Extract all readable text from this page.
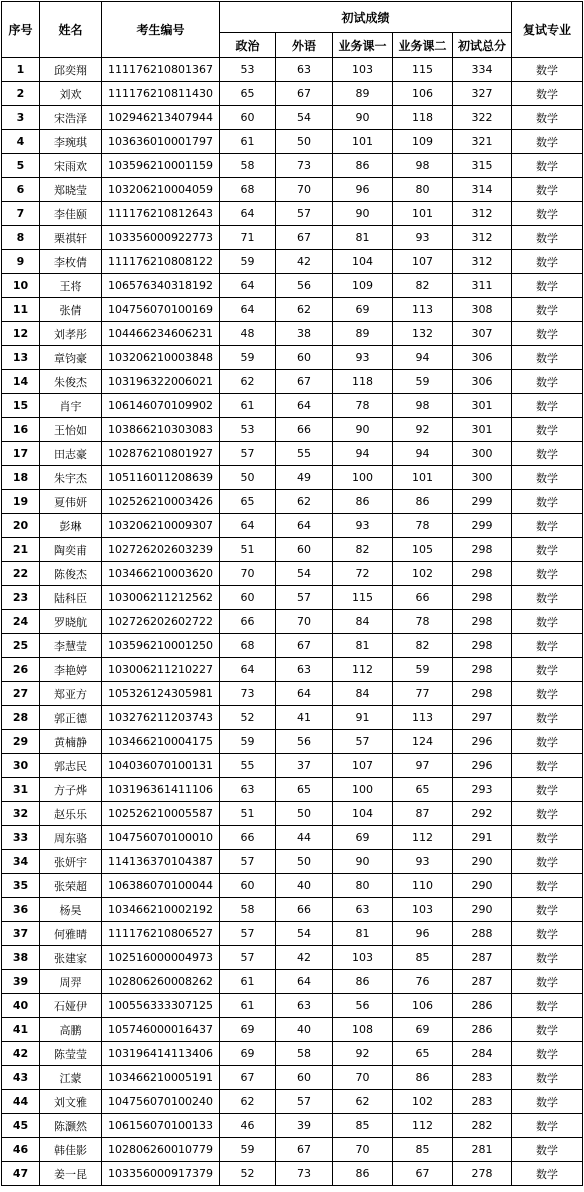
序号	姓名	考生编号	初试成绩					复试专业
			政治	外语	业务课一	业务课二	初试总分	
1	邱奕翔	111176210801367	53	63	103	115	334	数学
2	刘欢	111176210811430	65	67	89	106	327	数学
3	宋浩泽	102946213407944	60	54	90	118	322	数学
4	李琬琪	103636010001797	61	50	101	109	321	数学
5	宋雨欢	103596210001159	58	73	86	98	315	数学
6	郑晓莹	103206210004059	68	70	96	80	314	数学
7	李佳颐	111176210812643	64	57	90	101	312	数学
8	栗祺轩	103356000922773	71	67	81	93	312	数学
9	李枚倩	111176210808122	59	42	104	107	312	数学
10	王将	106576340318192	64	56	109	82	311	数学
11	张倩	104756070100169	64	62	69	113	308	数学
12	刘孝彤	104466234606231	48	38	89	132	307	数学
13	章钧豪	103206210003848	59	60	93	94	306	数学
14	朱俊杰	103196322006021	62	67	118	59	306	数学
15	肖宇	106146070109902	61	64	78	98	301	数学
16	王怡如	103866210303083	53	66	90	92	301	数学
17	田志豪	102876210801927	57	55	94	94	300	数学
18	朱宇杰	105116011208639	50	49	100	101	300	数学
19	夏伟妍	102526210003426	65	62	86	86	299	数学
20	彭琳	103206210009307	64	64	93	78	299	数学
21	陶奕甫	102726202603239	51	60	82	105	298	数学
22	陈俊杰	103466210003620	70	54	72	102	298	数学
23	陆科臣	103006211212562	60	57	115	66	298	数学
24	罗晓航	102726202602722	66	70	84	78	298	数学
25	李慧莹	103596210001250	68	67	81	82	298	数学
26	李艳婷	103006211210227	64	63	112	59	298	数学
27	郑亚方	105326124305981	73	64	84	77	298	数学
28	郭正德	103276211203743	52	41	91	113	297	数学
29	黄楠静	103466210004175	59	56	57	124	296	数学
30	郭志民	104036070100131	55	37	107	97	296	数学
31	方子烨	103196361411106	63	65	100	65	293	数学
32	赵乐乐	102526210005587	51	50	104	87	292	数学
33	周东骆	104756070100010	66	44	69	112	291	数学
34	张妍宇	114136370104387	57	50	90	93	290	数学
35	张荣超	106386070100044	60	40	80	110	290	数学
36	杨昊	103466210002192	58	66	63	103	290	数学
37	何雅晴	111176210806527	57	54	81	96	288	数学
38	张建家	102516000004973	57	42	103	85	287	数学
39	周羿	102806260008262	61	64	86	76	287	数学
40	石娅伊	100556333307125	61	63	56	106	286	数学
41	高鹏	105746000016437	69	40	108	69	286	数学
42	陈莹莹	103196414113406	69	58	92	65	284	数学
43	江蒙	103466210005191	67	60	70	86	283	数学
44	刘文雅	104756070100240	62	57	62	102	283	数学
45	陈灏然	106156070100133	46	39	85	112	282	数学
46	韩佳影	102806260010779	59	67	70	85	281	数学
47	姜一昆	103356000917379	52	73	86	67	278	数学
